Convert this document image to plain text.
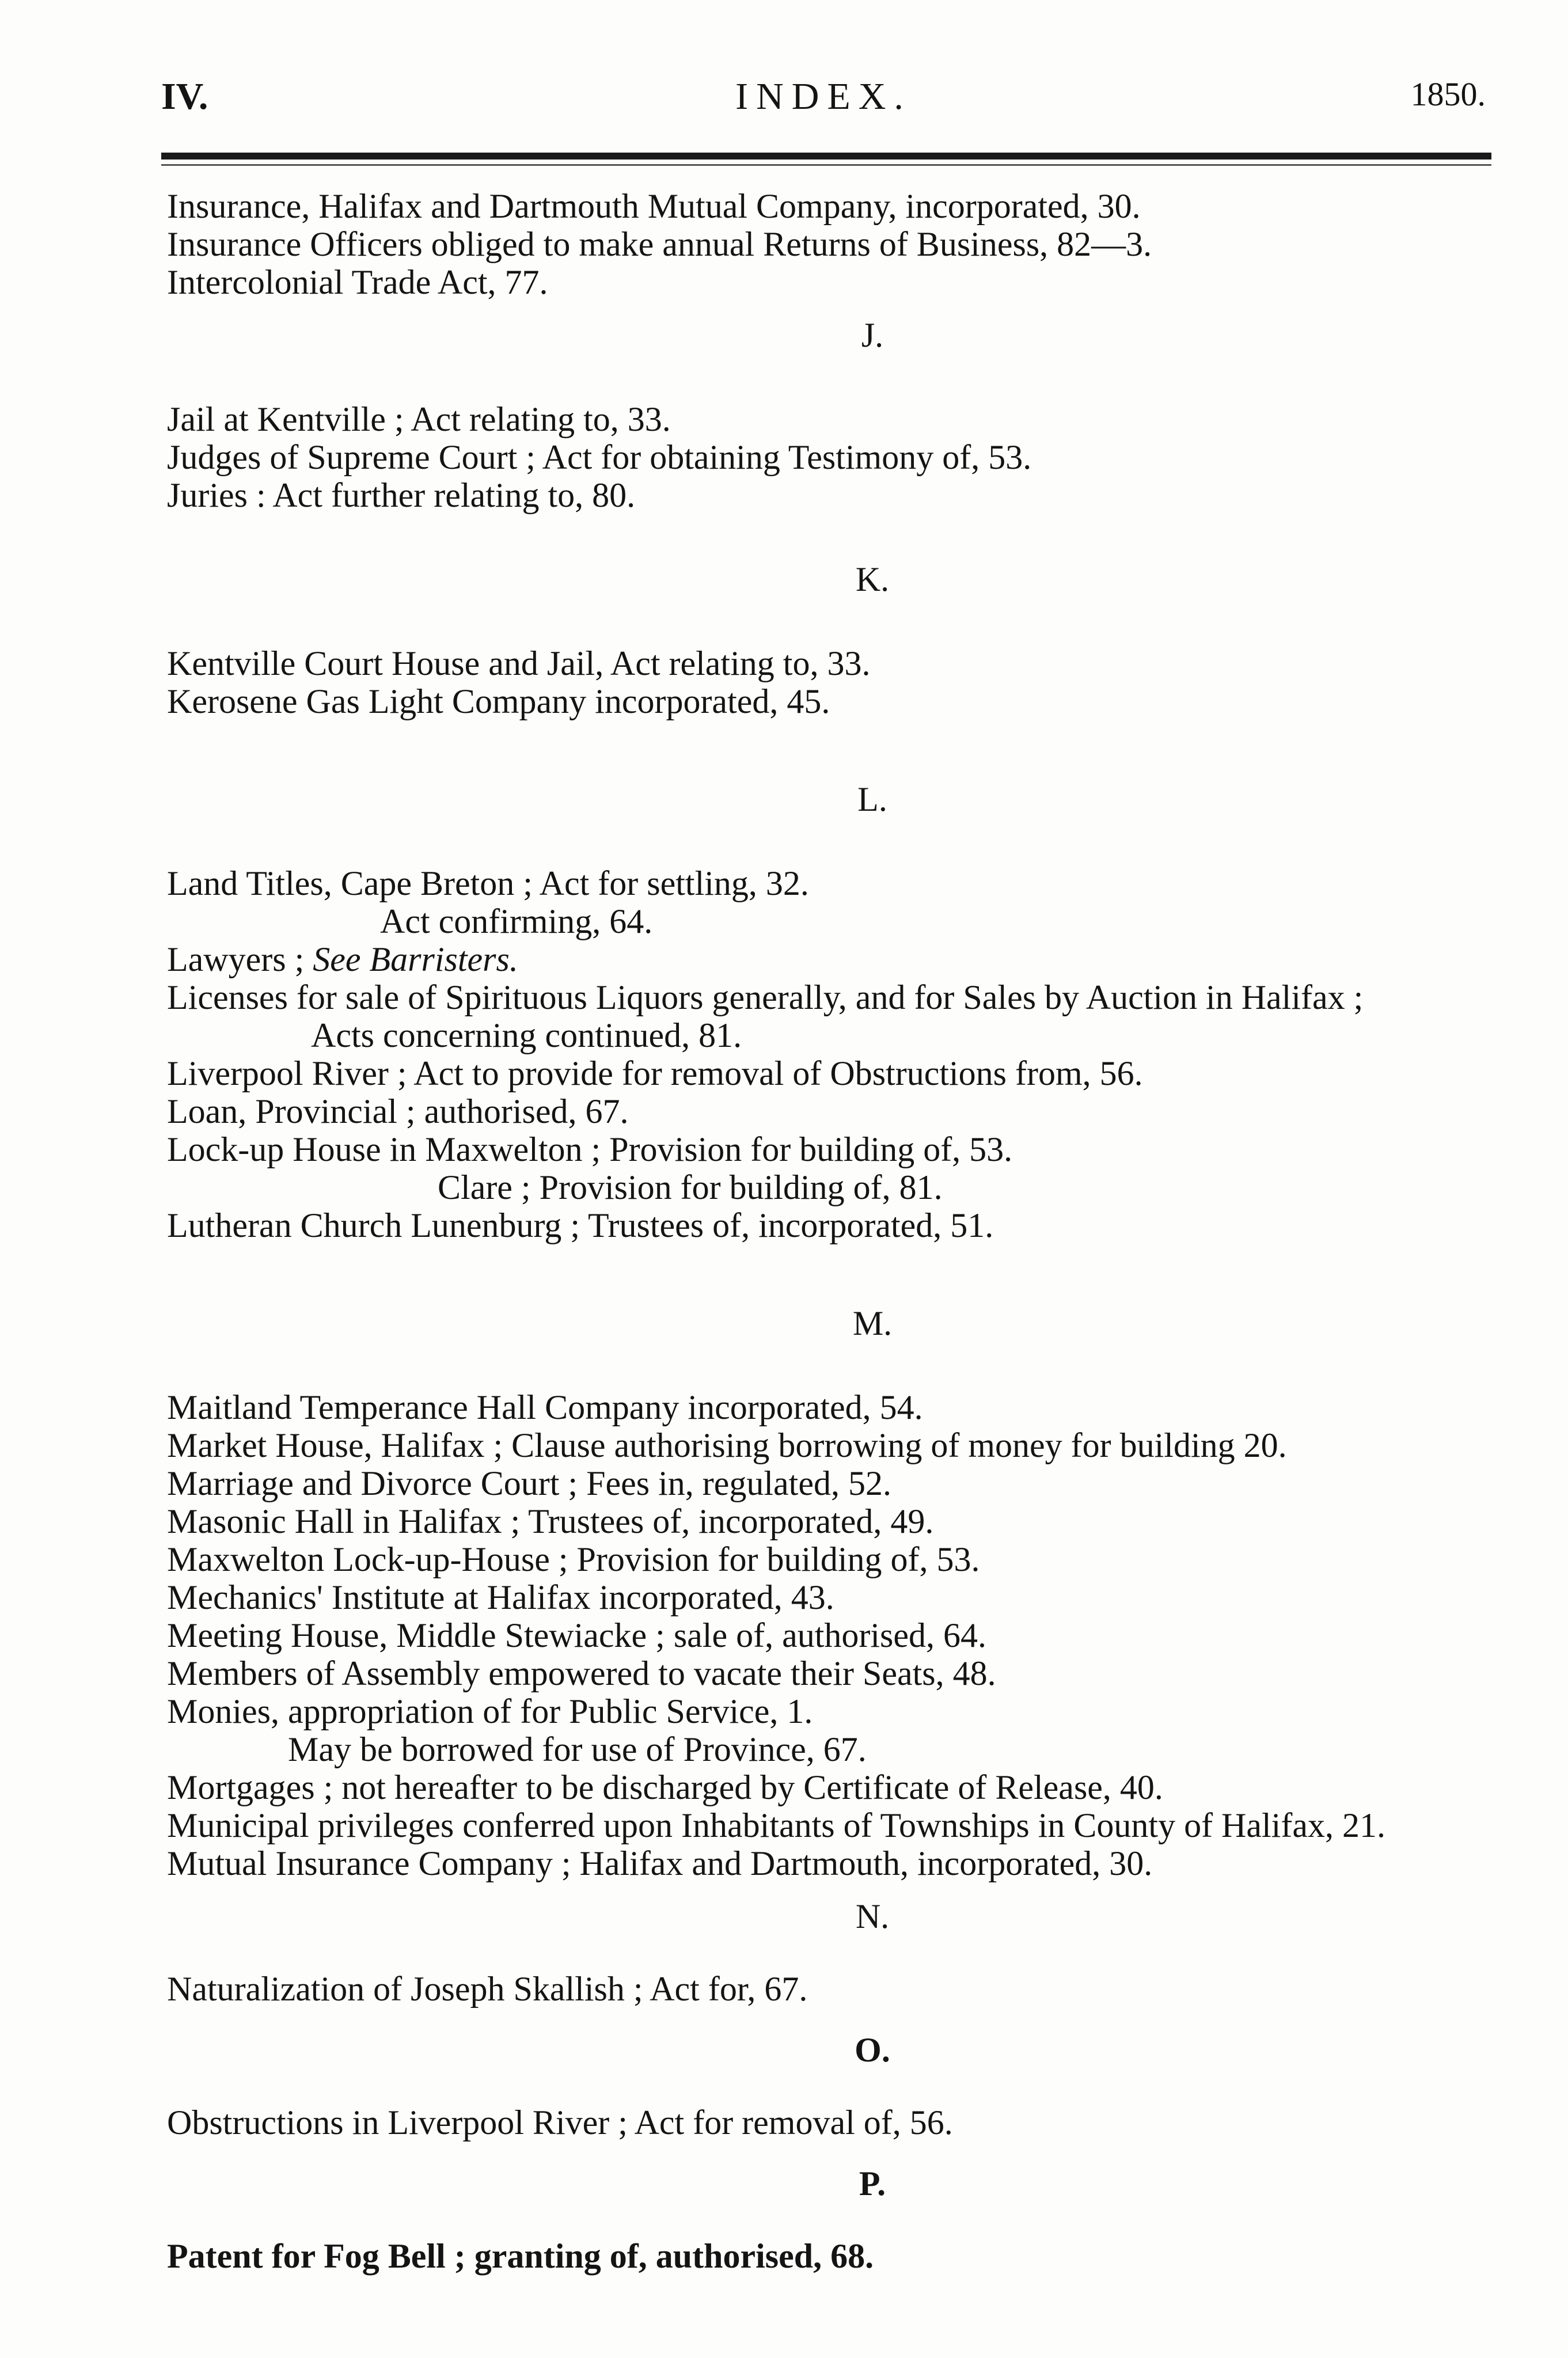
IV.	INDEX.	1850.
Insurance, Halifax and Dartmouth Mutual Company, incorporated, 30.
Insurance Officers obliged to make annual Returns of Business, 82—3.
Intercolonial Trade Act, 77.
J.
Jail at Kentville ; Act relating to, 33.
Judges of Supreme Court ; Act for obtaining Testimony of, 53.
Juries : Act further relating to, 80.
K.
Kentville Court House and Jail, Act relating to, 33.
Kerosene Gas Light Company incorporated, 45.
L.
Land Titles, Cape Breton ; Act for settling, 32.
Act confirming, 64.
Lawyers ; See Barristers.
Licenses for sale of Spirituous Liquors generally, and for Sales by Auction in Halifax ;
Acts concerning continued, 81.
Liverpool River ; Act to provide for removal of Obstructions from, 56.
Loan, Provincial ; authorised, 67.
Lock-up House in Maxwelton ; Provision for building of, 53.
Clare ; Provision for building of, 81.
Lutheran Church Lunenburg ; Trustees of, incorporated, 51.
M.
Maitland Temperance Hall Company incorporated, 54.
Market House, Halifax ; Clause authorising borrowing of money for building 20.
Marriage and Divorce Court ; Fees in, regulated, 52.
Masonic Hall in Halifax ; Trustees of, incorporated, 49.
Maxwelton Lock-up-House ; Provision for building of, 53.
Mechanics' Institute at Halifax incorporated, 43.
Meeting House, Middle Stewiacke ; sale of, authorised, 64.
Members of Assembly empowered to vacate their Seats, 48.
Monies, appropriation of for Public Service, 1.
May be borrowed for use of Province, 67.
Mortgages ; not hereafter to be discharged by Certificate of Release, 40.
Municipal privileges conferred upon Inhabitants of Townships in County of Halifax, 21.
Mutual Insurance Company ; Halifax and Dartmouth, incorporated, 30.
N.
Naturalization of Joseph Skallish ; Act for, 67.
O.
Obstructions in Liverpool River ; Act for removal of, 56.
P.
Patent for Fog Bell ; granting of, authorised, 68.
